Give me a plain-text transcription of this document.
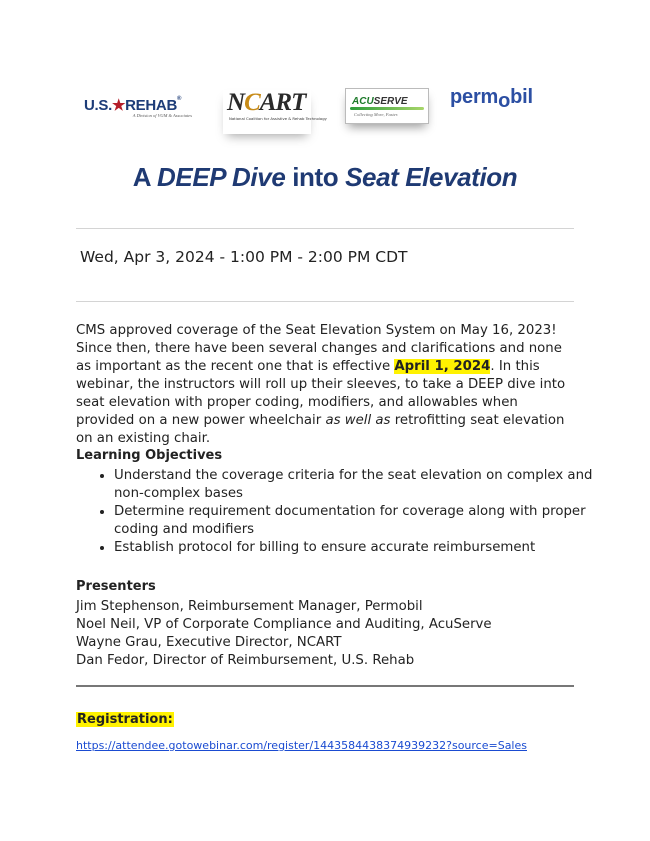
U.S.★REHAB®
A Division of VGM & Associates NCART
National Coalition for Assistive & Rehab Technology
ACUSERVE
Collecting More, Faster.
permobil
A DEEP Dive into Seat Elevation
Wed, Apr 3, 2024 - 1:00 PM - 2:00 PM CDT
CMS approved coverage of the Seat Elevation System on May 16, 2023! Since then, there have been several changes and clarifications and none as important as the recent one that is effective April 1, 2024. In this webinar, the instructors will roll up their sleeves, to take a DEEP dive into seat elevation with proper coding, modifiers, and allowables when provided on a new power wheelchair as well as retrofitting seat elevation on an existing chair.
Learning Objectives
• Understand the coverage criteria for the seat elevation on complex and non-complex bases
• Determine requirement documentation for coverage along with proper coding and modifiers
• Establish protocol for billing to ensure accurate reimbursement
Presenters
Jim Stephenson, Reimbursement Manager, Permobil
Noel Neil, VP of Corporate Compliance and Auditing, AcuServe
Wayne Grau, Executive Director, NCART
Dan Fedor, Director of Reimbursement, U.S. Rehab
Registration:
https://attendee.gotowebinar.com/register/1443584438374939232?source=Sales
